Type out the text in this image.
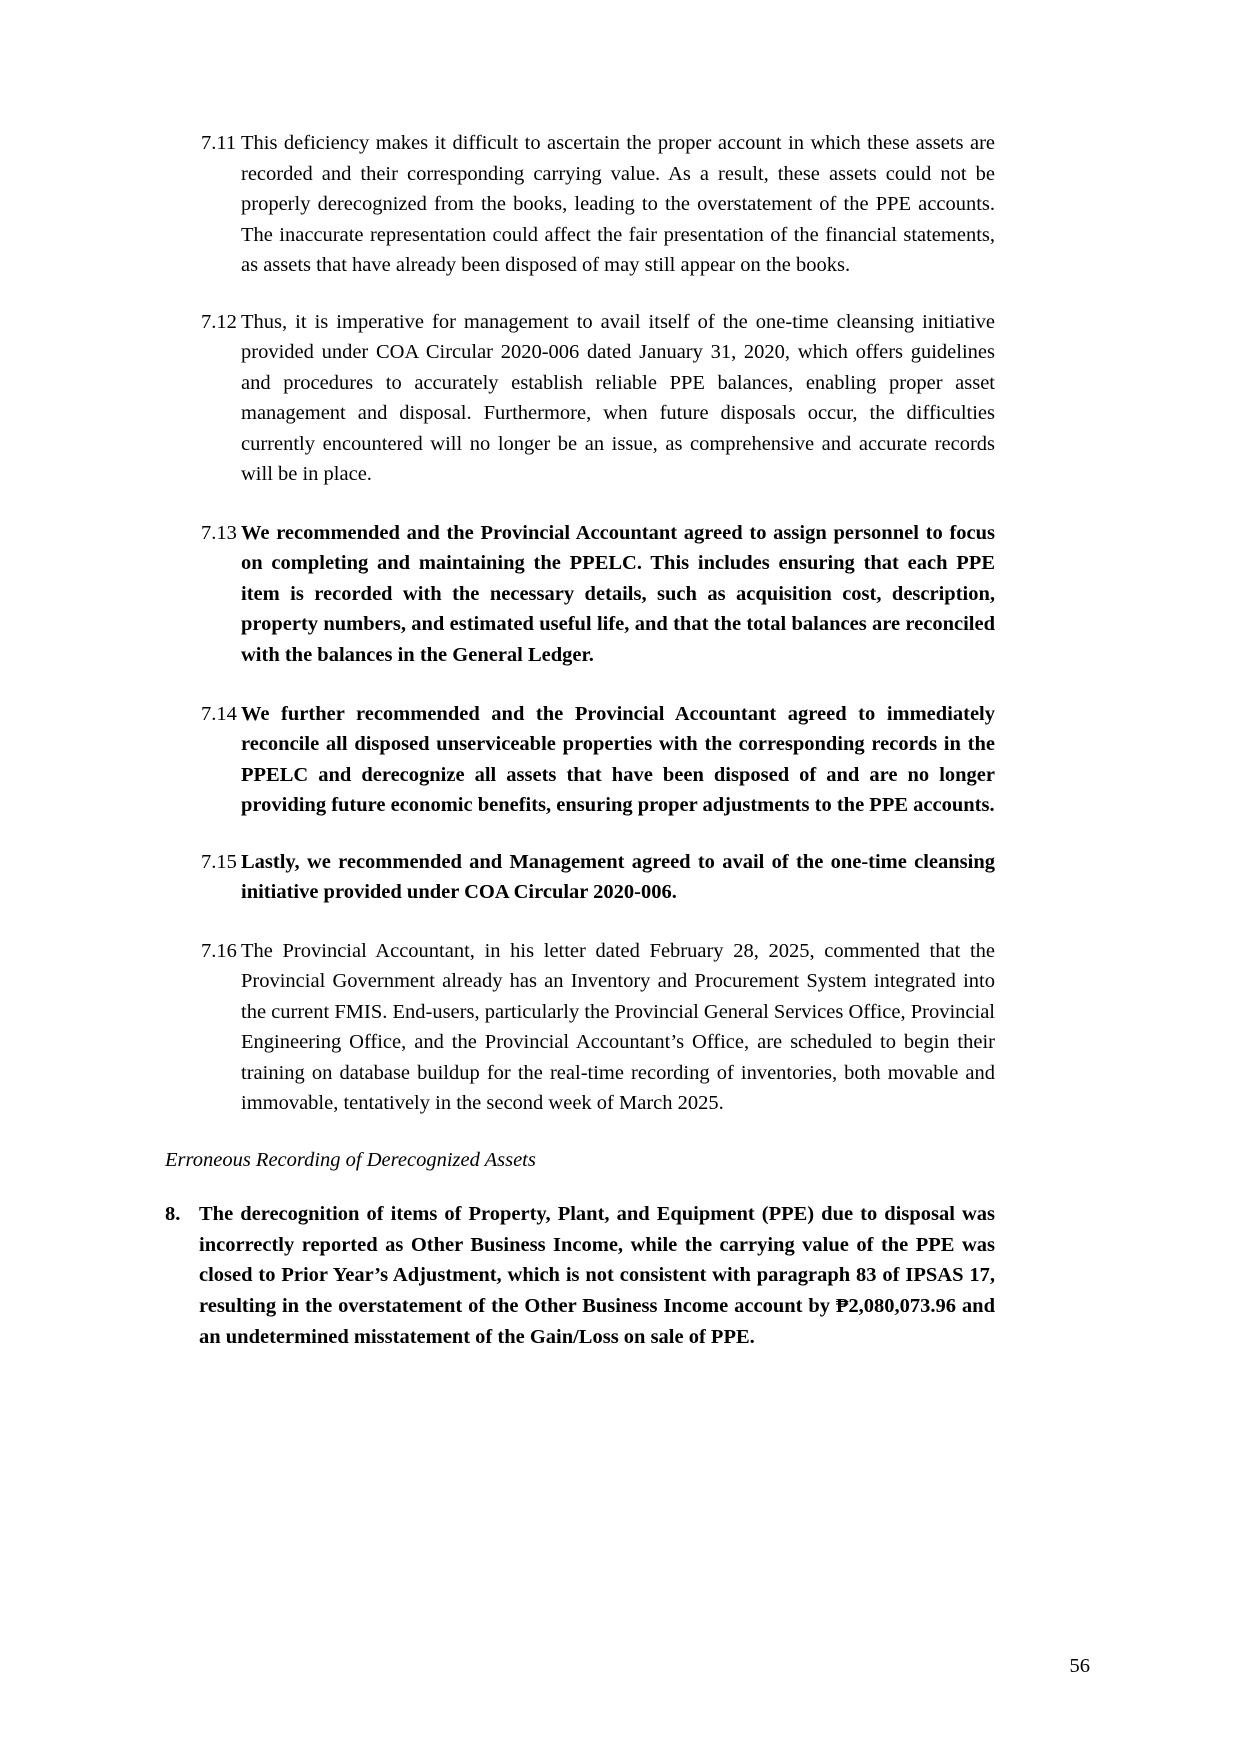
7.11 This deficiency makes it difficult to ascertain the proper account in which these assets are recorded and their corresponding carrying value. As a result, these assets could not be properly derecognized from the books, leading to the overstatement of the PPE accounts. The inaccurate representation could affect the fair presentation of the financial statements, as assets that have already been disposed of may still appear on the books.
7.12 Thus, it is imperative for management to avail itself of the one-time cleansing initiative provided under COA Circular 2020-006 dated January 31, 2020, which offers guidelines and procedures to accurately establish reliable PPE balances, enabling proper asset management and disposal. Furthermore, when future disposals occur, the difficulties currently encountered will no longer be an issue, as comprehensive and accurate records will be in place.
7.13 We recommended and the Provincial Accountant agreed to assign personnel to focus on completing and maintaining the PPELC. This includes ensuring that each PPE item is recorded with the necessary details, such as acquisition cost, description, property numbers, and estimated useful life, and that the total balances are reconciled with the balances in the General Ledger.
7.14 We further recommended and the Provincial Accountant agreed to immediately reconcile all disposed unserviceable properties with the corresponding records in the PPELC and derecognize all assets that have been disposed of and are no longer providing future economic benefits, ensuring proper adjustments to the PPE accounts.
7.15 Lastly, we recommended and Management agreed to avail of the one-time cleansing initiative provided under COA Circular 2020-006.
7.16 The Provincial Accountant, in his letter dated February 28, 2025, commented that the Provincial Government already has an Inventory and Procurement System integrated into the current FMIS. End-users, particularly the Provincial General Services Office, Provincial Engineering Office, and the Provincial Accountant’s Office, are scheduled to begin their training on database buildup for the real-time recording of inventories, both movable and immovable, tentatively in the second week of March 2025.
Erroneous Recording of Derecognized Assets
8. The derecognition of items of Property, Plant, and Equipment (PPE) due to disposal was incorrectly reported as Other Business Income, while the carrying value of the PPE was closed to Prior Year’s Adjustment, which is not consistent with paragraph 83 of IPSAS 17, resulting in the overstatement of the Other Business Income account by ₱2,080,073.96 and an undetermined misstatement of the Gain/Loss on sale of PPE.
56
